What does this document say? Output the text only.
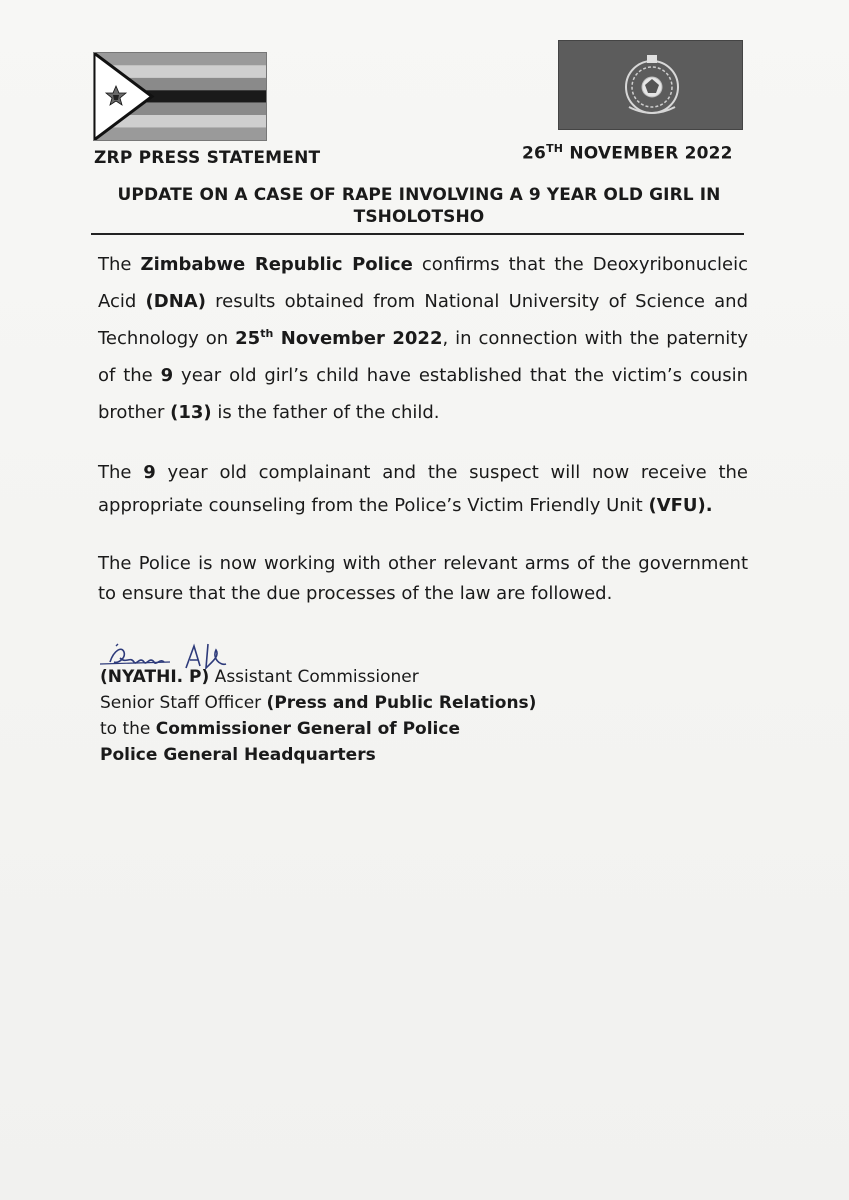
ZRP PRESS STATEMENT	26TH NOVEMBER 2022
UPDATE ON A CASE OF RAPE INVOLVING A 9 YEAR OLD GIRL IN TSHOLOTSHO
The Zimbabwe Republic Police confirms that the Deoxyribonucleic Acid (DNA) results obtained from National University of Science and Technology on 25th November 2022, in connection with the paternity of the 9 year old girl’s child have established that the victim’s cousin brother (13) is the father of the child.
The 9 year old complainant and the suspect will now receive the appropriate counseling from the Police’s Victim Friendly Unit (VFU).
The Police is now working with other relevant arms of the government to ensure that the due processes of the law are followed.
(NYATHI. P) Assistant Commissioner
Senior Staff Officer (Press and Public Relations)
to the Commissioner General of Police
Police General Headquarters
